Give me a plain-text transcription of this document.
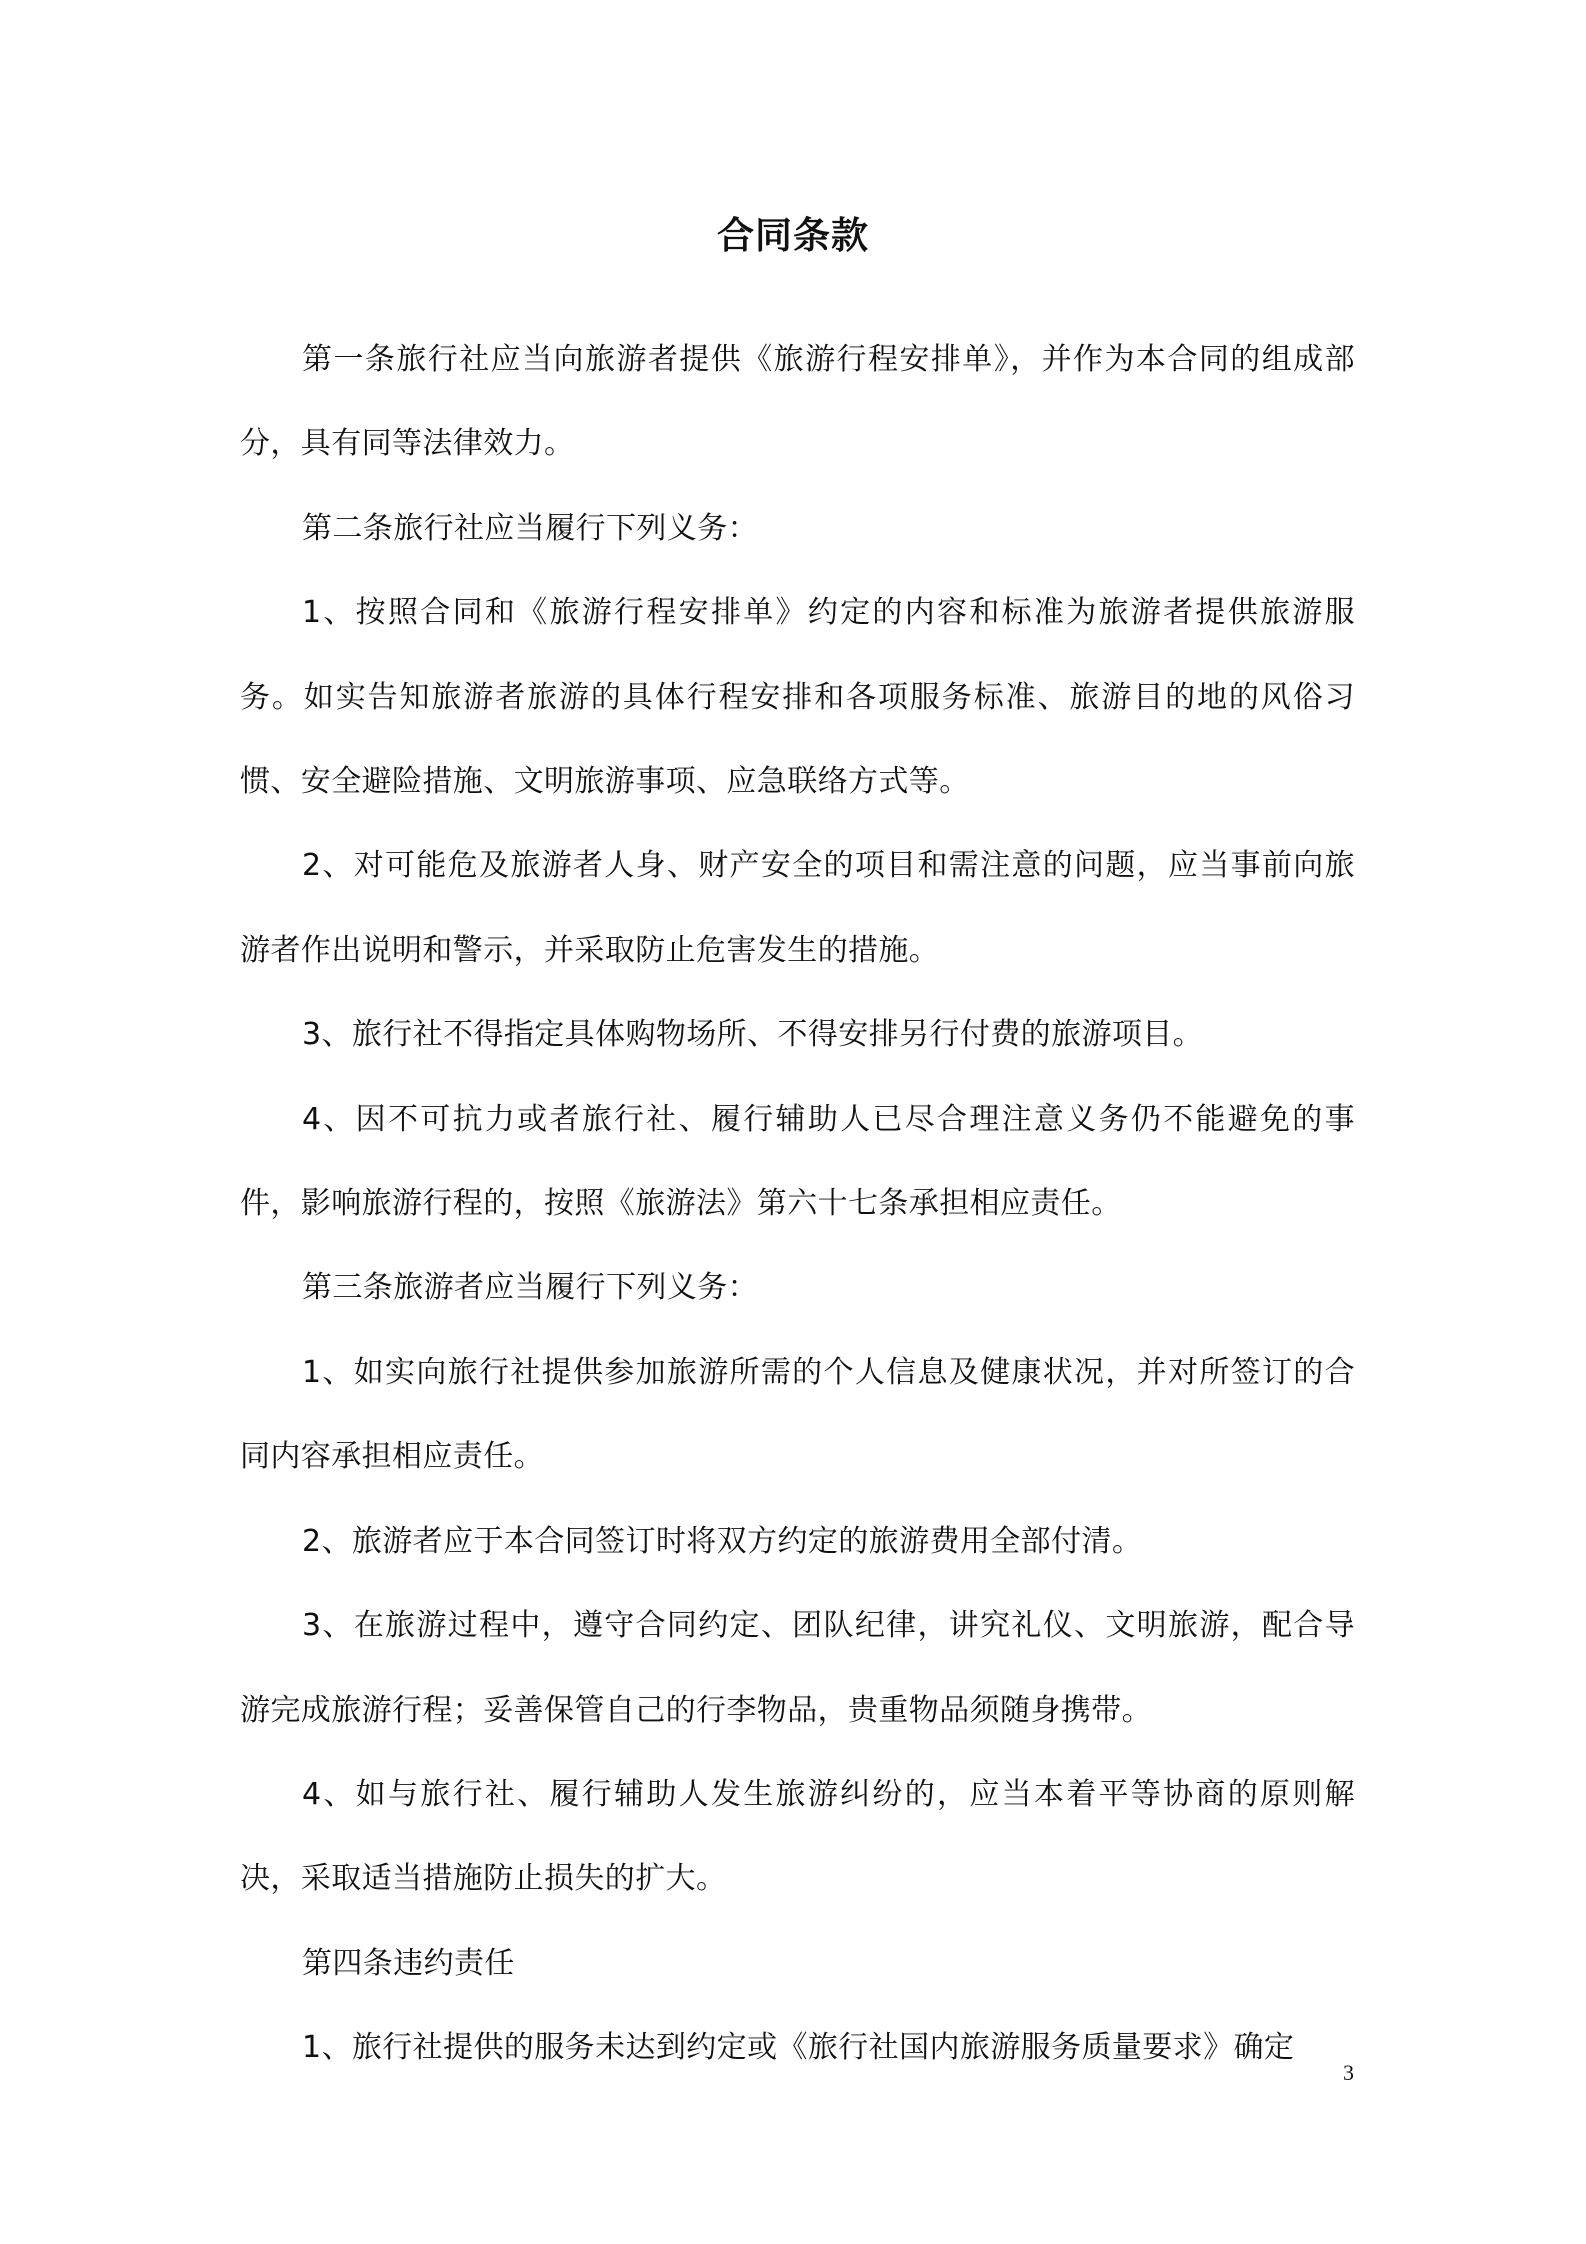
合同条款

第一条旅行社应当向旅游者提供《旅游行程安排单》，并作为本合同的组成部分，具有同等法律效力。

第二条旅行社应当履行下列义务：

1、按照合同和《旅游行程安排单》约定的内容和标准为旅游者提供旅游服务。如实告知旅游者旅游的具体行程安排和各项服务标准、旅游目的地的风俗习惯、安全避险措施、文明旅游事项、应急联络方式等。

2、对可能危及旅游者人身、财产安全的项目和需注意的问题，应当事前向旅游者作出说明和警示，并采取防止危害发生的措施。

3、旅行社不得指定具体购物场所、不得安排另行付费的旅游项目。

4、因不可抗力或者旅行社、履行辅助人已尽合理注意义务仍不能避免的事件，影响旅游行程的，按照《旅游法》第六十七条承担相应责任。

第三条旅游者应当履行下列义务：

1、如实向旅行社提供参加旅游所需的个人信息及健康状况，并对所签订的合同内容承担相应责任。

2、旅游者应于本合同签订时将双方约定的旅游费用全部付清。

3、在旅游过程中，遵守合同约定、团队纪律，讲究礼仪、文明旅游，配合导游完成旅游行程；妥善保管自己的行李物品，贵重物品须随身携带。

4、如与旅行社、履行辅助人发生旅游纠纷的，应当本着平等协商的原则解决，采取适当措施防止损失的扩大。

第四条违约责任

1、旅行社提供的服务未达到约定或《旅行社国内旅游服务质量要求》确定

3
